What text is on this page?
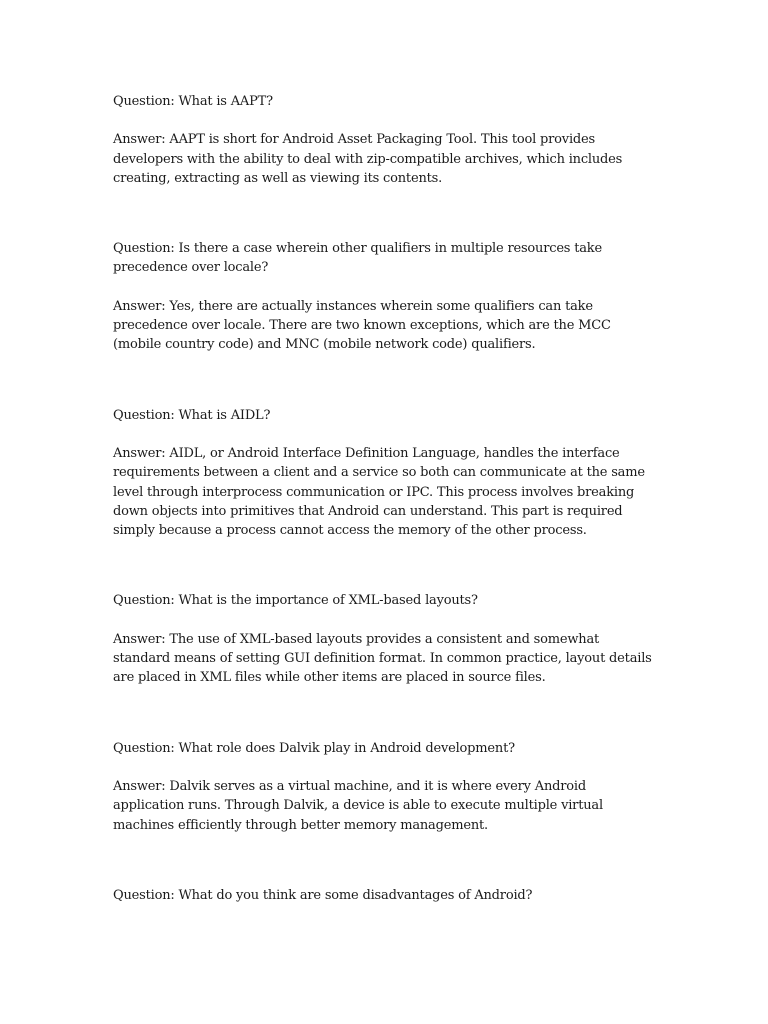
Question: What is AAPT?

Answer: AAPT is short for Android Asset Packaging Tool. This tool provides developers with the ability to deal with zip-compatible archives, which includes creating, extracting as well as viewing its contents.

Question: Is there a case wherein other qualifiers in multiple resources take precedence over locale?

Answer: Yes, there are actually instances wherein some qualifiers can take precedence over locale. There are two known exceptions, which are the MCC (mobile country code) and MNC (mobile network code) qualifiers.

Question: What is AIDL?

Answer: AIDL, or Android Interface Definition Language, handles the interface requirements between a client and a service so both can communicate at the same level through interprocess communication or IPC. This process involves breaking down objects into primitives that Android can understand. This part is required simply because a process cannot access the memory of the other process.

Question: What is the importance of XML-based layouts?

Answer: The use of XML-based layouts provides a consistent and somewhat standard means of setting GUI definition format. In common practice, layout details are placed in XML files while other items are placed in source files.

Question: What role does Dalvik play in Android development?

Answer: Dalvik serves as a virtual machine, and it is where every Android application runs. Through Dalvik, a device is able to execute multiple virtual machines efficiently through better memory management.

Question: What do you think are some disadvantages of Android?
